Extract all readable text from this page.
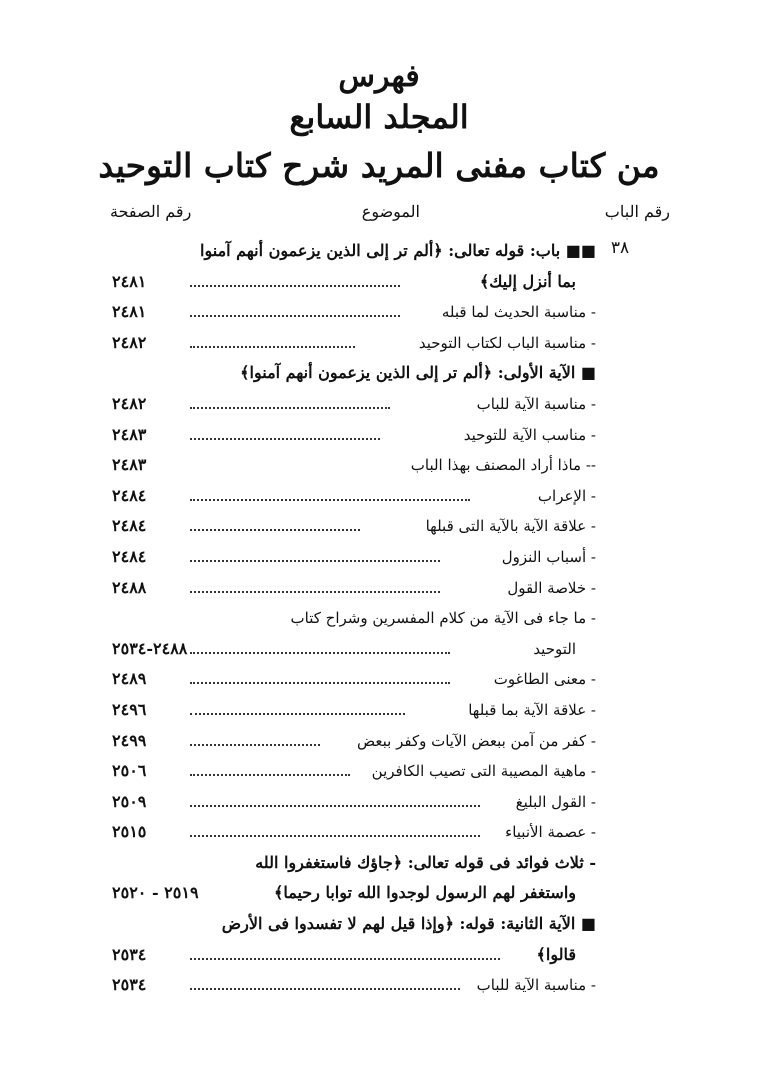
فهرس
المجلد السابع
من كتاب مفنى المريد شرح كتاب التوحيد
رقم الباب
الموضوع
رقم الصفحة
٣٨
■■ باب: قوله تعالى: ﴿ألم تر إلى الذين يزعمون أنهم آمنوا
بما أنزل إليك﴾
٢٤٨١
- مناسبة الحديث لما قبله
٢٤٨١
- مناسبة الباب لكتاب التوحيد
٢٤٨٢
■ الآية الأولى: ﴿ألم تر إلى الذين يزعمون أنهم آمنوا﴾
- مناسبة الآية للباب
٢٤٨٢
- مناسب الآية للتوحيد
٢٤٨٣
-- ماذا أراد المصنف بهذا الباب
٢٤٨٣
- الإعراب
٢٤٨٤
- علاقة الآية بالآية التى قبلها
٢٤٨٤
- أسباب النزول
٢٤٨٤
- خلاصة القول
٢٤٨٨
- ما جاء فى الآية من كلام المفسرين وشراح كتاب
التوحيد
٢٤٨٨-٢٥٣٤
- معنى الطاغوت
٢٤٨٩
- علاقة الآية بما قبلها
٢٤٩٦
- كفر من آمن ببعض الآيات وكفر ببعض
٢٤٩٩
- ماهية المصيبة التى تصيب الكافرين
٢٥٠٦
- القول البليغ
٢٥٠٩
- عصمة الأنبياء
٢٥١٥
- ثلاث فوائد فى قوله تعالى: ﴿جاؤك فاستغفروا الله
واستغفر لهم الرسول لوجدوا الله توابا رحيما﴾
٢٥١٩ - ٢٥٢٠
■ الآية الثانية: قوله: ﴿وإذا قيل لهم لا تفسدوا فى الأرض
قالوا﴾
٢٥٣٤
- مناسبة الآية للباب
٢٥٣٤
